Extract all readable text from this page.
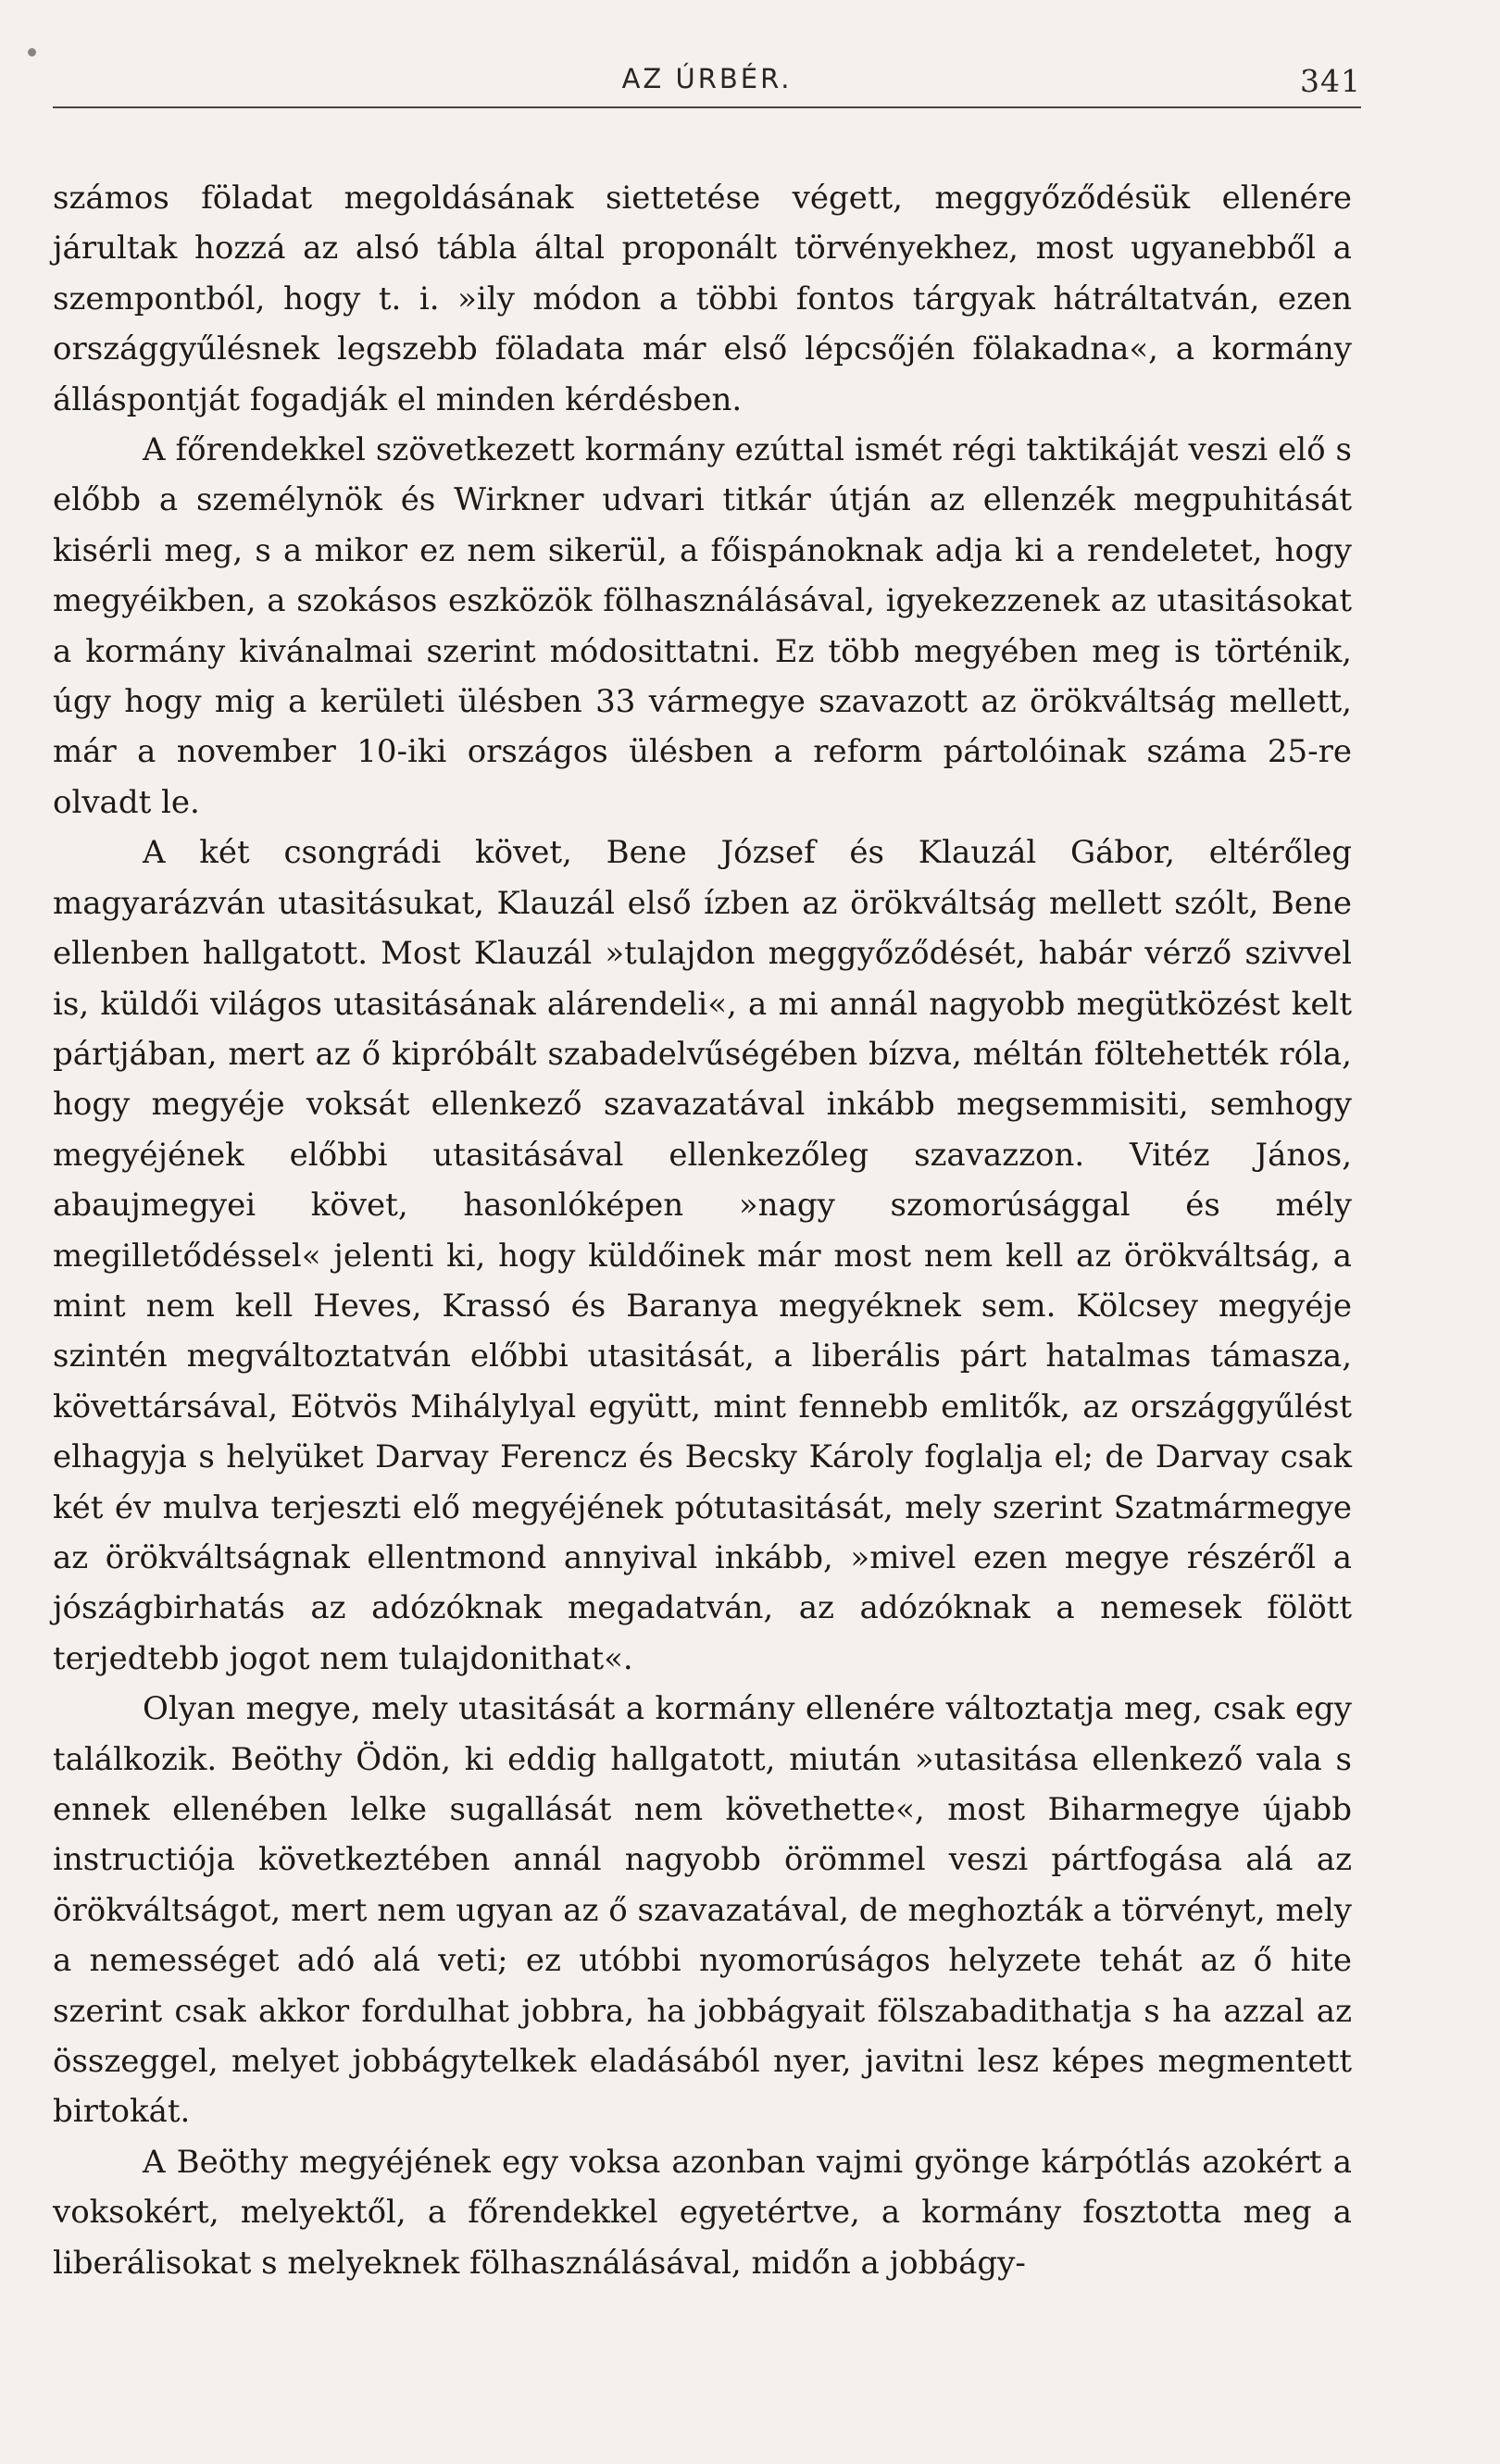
AZ ÚRBÉR.	341

számos föladat megoldásának siettetése végett, meggyőződésük ellenére járultak hozzá az alsó tábla által proponált törvényekhez, most ugyanebből a szempontból, hogy t. i. »ily módon a többi fontos tárgyak hátráltatván, ezen országgyűlésnek legszebb föladata már első lépcsőjén fölakadna«, a kormány álláspontját fogadják el minden kérdésben.

A főrendekkel szövetkezett kormány ezúttal ismét régi taktikáját veszi elő s előbb a személynök és Wirkner udvari titkár útján az ellenzék megpuhitását kisérli meg, s a mikor ez nem sikerül, a főispánoknak adja ki a rendeletet, hogy megyéikben, a szokásos eszközök fölhasználásával, igyekezzenek az utasitásokat a kormány kivánalmai szerint módosittatni. Ez több megyében meg is történik, úgy hogy mig a kerületi ülésben 33 vármegye szavazott az örökváltság mellett, már a november 10-iki országos ülésben a reform pártolóinak száma 25-re olvadt le.

A két csongrádi követ, Bene József és Klauzál Gábor, eltérőleg magyarázván utasitásukat, Klauzál első ízben az örökváltság mellett szólt, Bene ellenben hallgatott. Most Klauzál »tulajdon meggyőződését, habár vérző szivvel is, küldői világos utasitásának alárendeli«, a mi annál nagyobb megütközést kelt pártjában, mert az ő kipróbált szabadelvűségében bízva, méltán föltehették róla, hogy megyéje voksát ellenkező szavazatával inkább megsemmisiti, semhogy megyéjének előbbi utasitásával ellenkezőleg szavazzon. Vitéz János, abaujmegyei követ, hasonlóképen »nagy szomorúsággal és mély megilletődéssel« jelenti ki, hogy küldőinek már most nem kell az örökváltság, a mint nem kell Heves, Krassó és Baranya megyéknek sem. Kölcsey megyéje szintén megváltoztatván előbbi utasitását, a liberális párt hatalmas támasza, követtársával, Eötvös Mihálylyal együtt, mint fennebb emlitők, az országgyűlést elhagyja s helyüket Darvay Ferencz és Becsky Károly foglalja el; de Darvay csak két év mulva terjeszti elő megyéjének pótutasitását, mely szerint Szatmármegye az örökváltságnak ellentmond annyival inkább, »mivel ezen megye részéről a jószágbirhatás az adózóknak megadatván, az adózóknak a nemesek fölött terjedtebb jogot nem tulajdonithat«.

Olyan megye, mely utasitását a kormány ellenére változtatja meg, csak egy találkozik. Beöthy Ödön, ki eddig hallgatott, miután »utasitása ellenkező vala s ennek ellenében lelke sugallását nem követhette«, most Biharmegye újabb instructiója következtében annál nagyobb örömmel veszi pártfogása alá az örökváltságot, mert nem ugyan az ő szavazatával, de meghozták a törvényt, mely a nemességet adó alá veti; ez utóbbi nyomorúságos helyzete tehát az ő hite szerint csak akkor fordulhat jobbra, ha jobbágyait fölszabadithatja s ha azzal az összeggel, melyet jobbágytelkek eladásából nyer, javitni lesz képes megmentett birtokát.

A Beöthy megyéjének egy voksa azonban vajmi gyönge kárpótlás azokért a voksokért, melyektől, a főrendekkel egyetértve, a kormány fosztotta meg a liberálisokat s melyeknek fölhasználásával, midőn a jobbágy-
